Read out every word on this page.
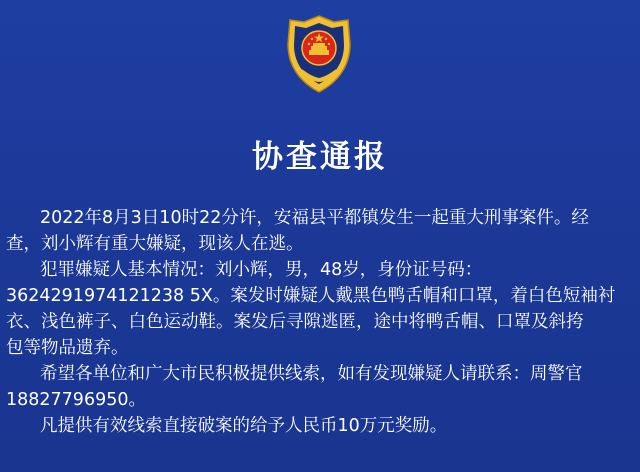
协查通报
2022年8月3日10时22分许，安福县平都镇发生一起重大刑事案件。经
查，刘小辉有重大嫌疑，现该人在逃。
犯罪嫌疑人基本情况：刘小辉，男，48岁，身份证号码：
3624291974121238 5X。案发时嫌疑人戴黑色鸭舌帽和口罩，着白色短袖衬
衣、浅色裤子、白色运动鞋。案发后寻隙逃匿，途中将鸭舌帽、口罩及斜挎
包等物品遗弃。
希望各单位和广大市民积极提供线索，如有发现嫌疑人请联系：周警官
18827796950。
凡提供有效线索直接破案的给予人民币10万元奖励。
